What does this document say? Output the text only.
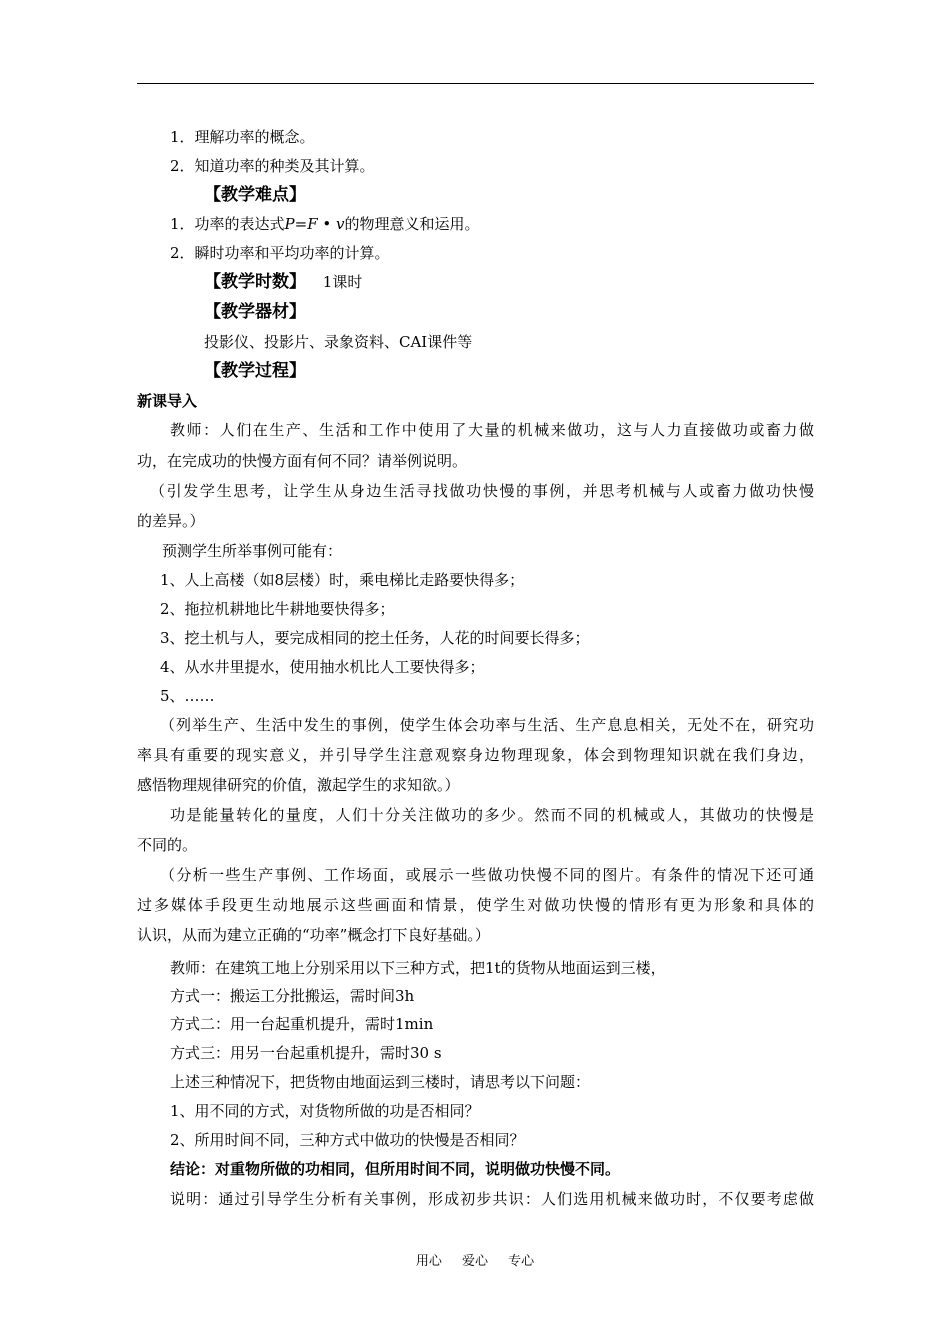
1．理解功率的概念。
2．知道功率的种类及其计算。
【教学难点】
1．功率的表达式P=F • v的物理意义和运用。
2．瞬时功率和平均功率的计算。
【教学时数】 1课时
【教学器材】
投影仪、投影片、录象资料、CAI课件等
【教学过程】
新课导入
教师：人们在生产、生活和工作中使用了大量的机械来做功，这与人力直接做功或畜力做
功，在完成功的快慢方面有何不同？请举例说明。
（引发学生思考，让学生从身边生活寻找做功快慢的事例，并思考机械与人或畜力做功快慢
的差异。）
预测学生所举事例可能有：
1、人上高楼（如8层楼）时，乘电梯比走路要快得多；
2、拖拉机耕地比牛耕地要快得多；
3、挖土机与人，要完成相同的挖土任务，人花的时间要长得多；
4、从水井里提水，使用抽水机比人工要快得多；
5、……
（列举生产、生活中发生的事例，使学生体会功率与生活、生产息息相关，无处不在，研究功
率具有重要的现实意义，并引导学生注意观察身边物理现象，体会到物理知识就在我们身边，
感悟物理规律研究的价值，激起学生的求知欲。）
功是能量转化的量度，人们十分关注做功的多少。然而不同的机械或人，其做功的快慢是
不同的。
（分析一些生产事例、工作场面，或展示一些做功快慢不同的图片。有条件的情况下还可通
过多媒体手段更生动地展示这些画面和情景，使学生对做功快慢的情形有更为形象和具体的
认识，从而为建立正确的“功率”概念打下良好基础。）
教师：在建筑工地上分别采用以下三种方式，把1t的货物从地面运到三楼，
方式一：搬运工分批搬运，需时间3h
方式二：用一台起重机提升，需时1min
方式三：用另一台起重机提升，需时30 s
上述三种情况下，把货物由地面运到三楼时，请思考以下问题：
1、用不同的方式，对货物所做的功是否相同？
2、所用时间不同，三种方式中做功的快慢是否相同？
结论：对重物所做的功相同，但所用时间不同，说明做功快慢不同。
说明：通过引导学生分析有关事例，形成初步共识：人们选用机械来做功时，不仅要考虑做
用心 爱心 专心
